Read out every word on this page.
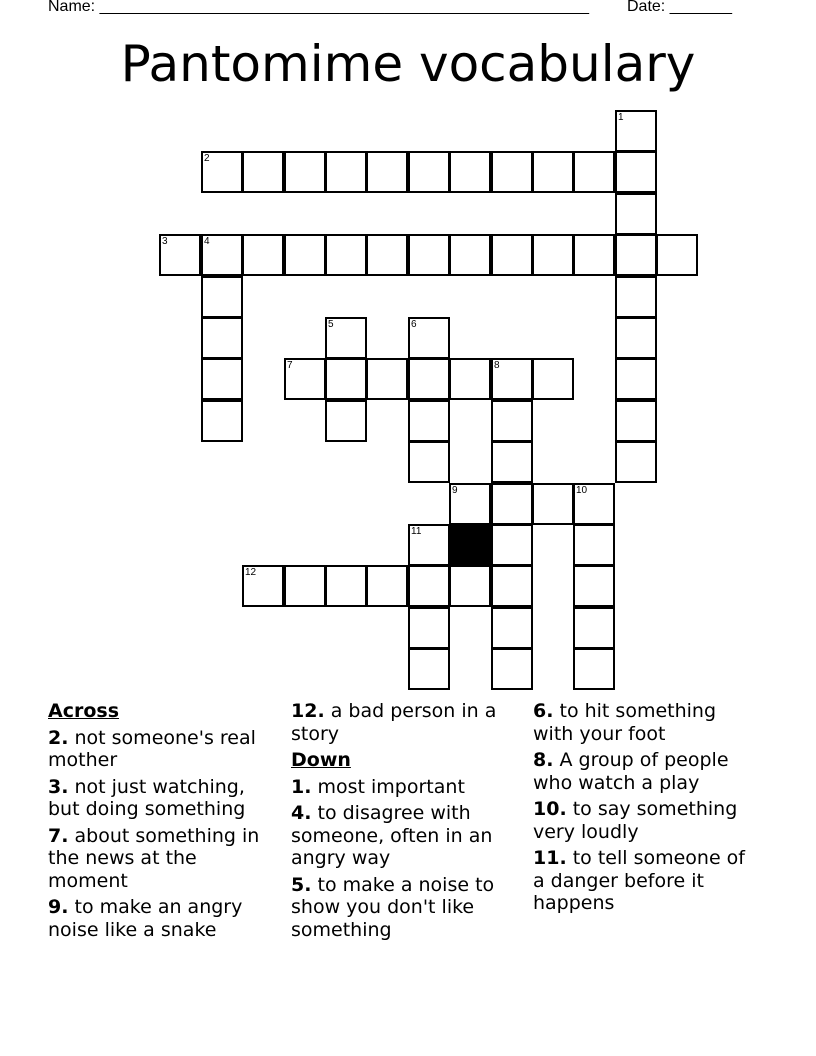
Name: _______________________________________________________ Date: _______
Pantomime vocabulary
1
2
3	4
5	6
7	8
9	10
11
12
Across
2. not someone's real mother
3. not just watching, but doing something
7. about something in the news at the moment
9. to make an angry noise like a snake
12. a bad person in a story
Down
1. most important
4. to disagree with someone, often in an angry way
5. to make a noise to show you don't like something
6. to hit something with your foot
8. A group of people who watch a play
10. to say something very loudly
11. to tell someone of a danger before it happens
